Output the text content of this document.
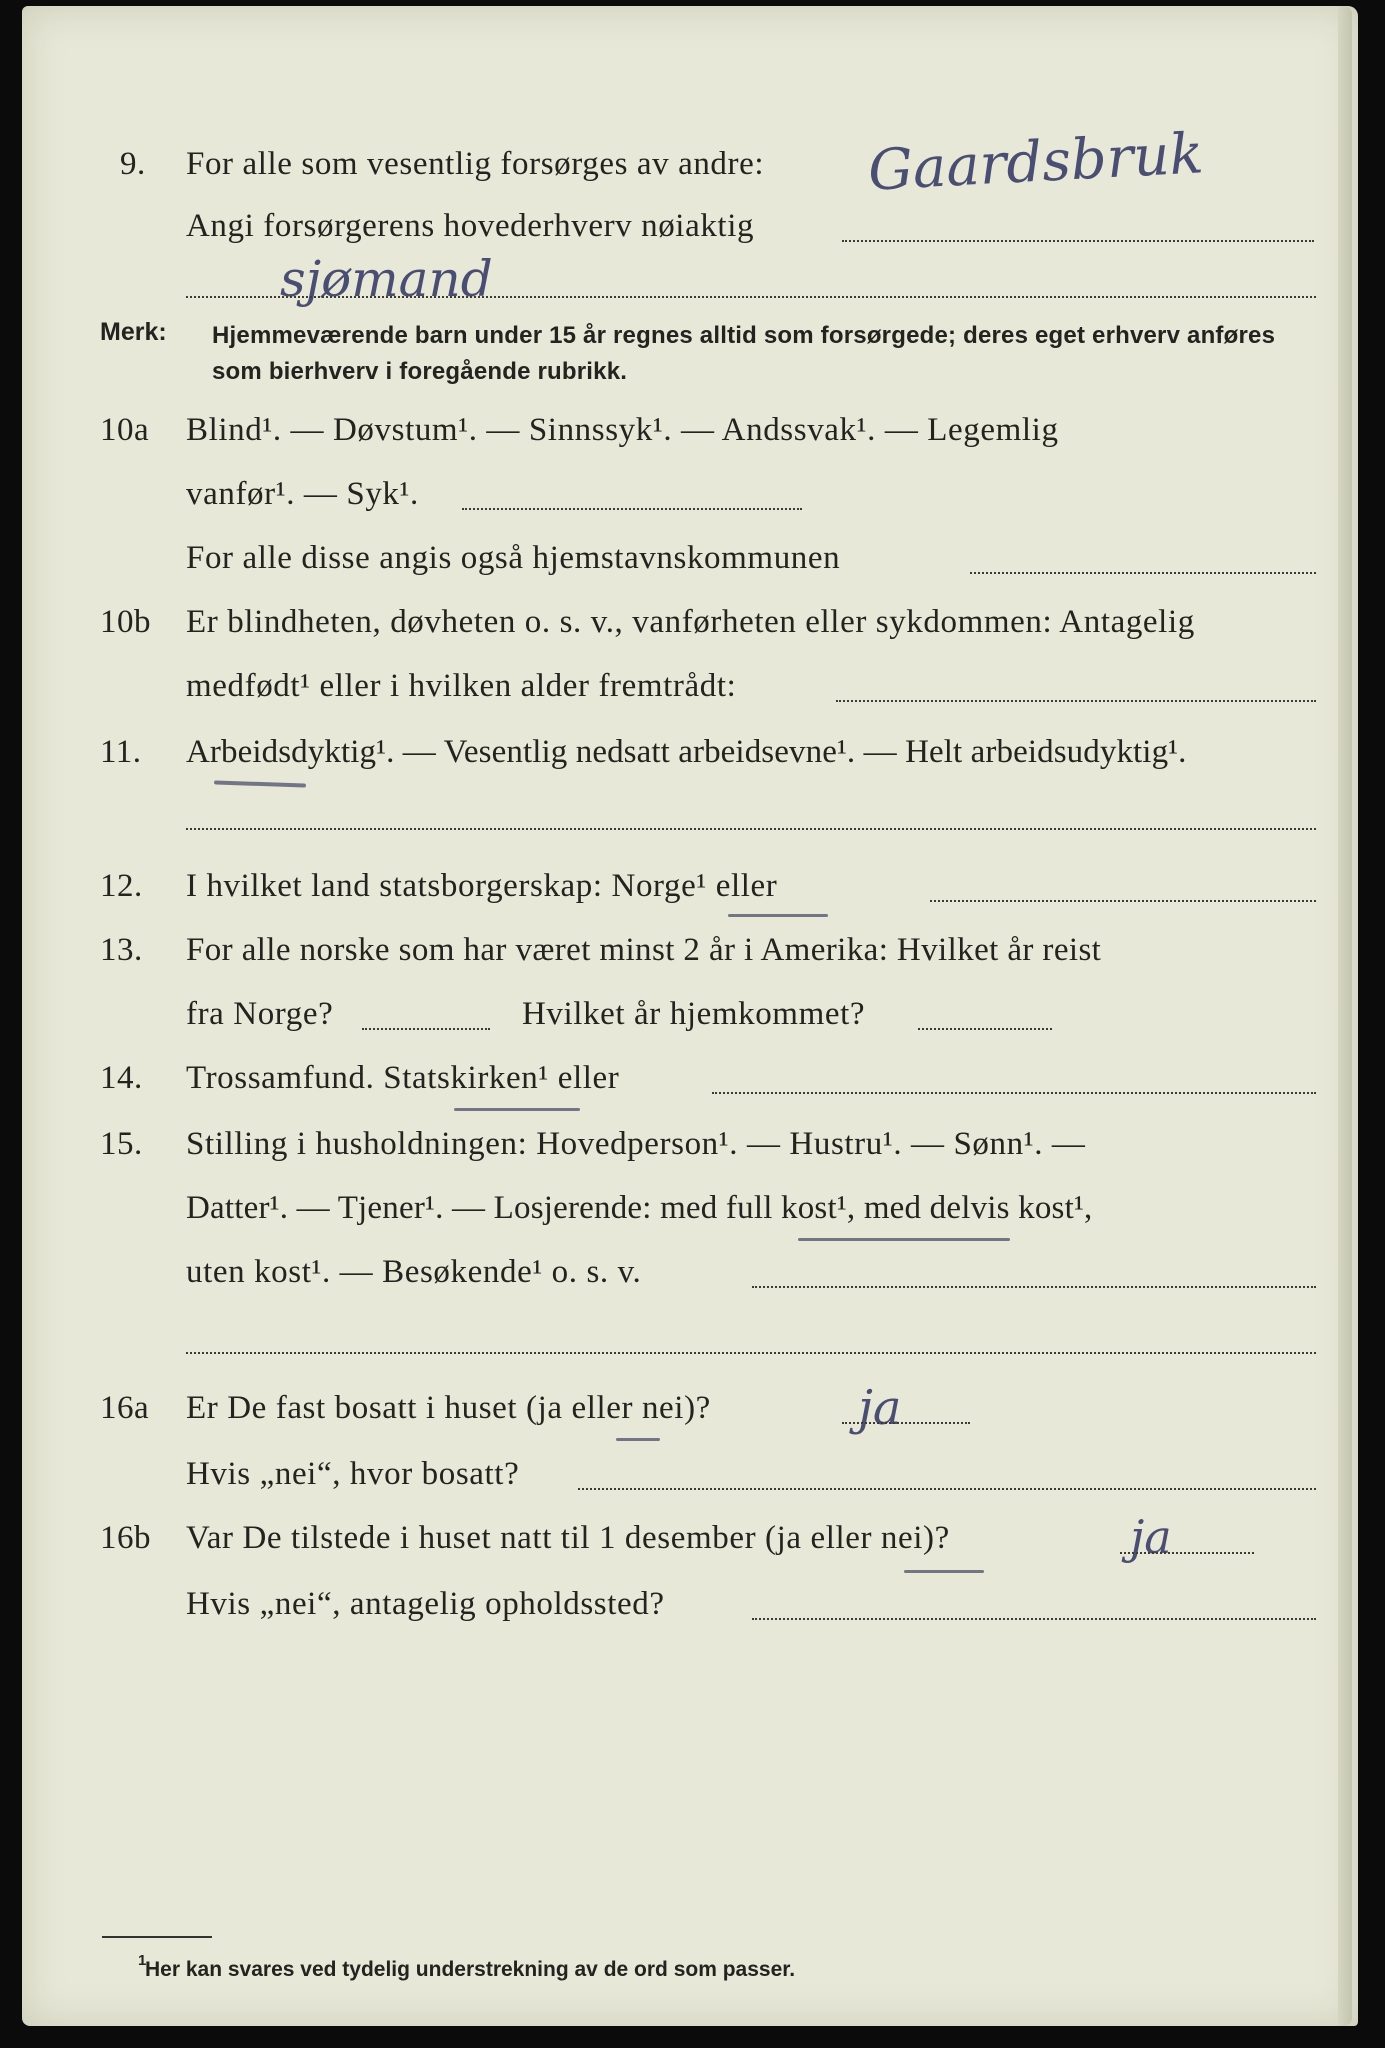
9. For alle som vesentlig forsørges av andre: Gaardsbruk
Angi forsørgerens hovederhverv nøiaktig
sjømand
Merk: Hjemmeværende barn under 15 år regnes alltid som forsørgede; deres eget erhverv anføres som bierhverv i foregående rubrikk.
10a Blind¹. — Døvstum¹. — Sinnssyk¹. — Andssvak¹. — Legemlig
vanfør¹. — Syk¹.
For alle disse angis også hjemstavnskommunen
10b Er blindheten, døvheten o. s. v., vanførheten eller sykdommen: Antagelig
medfødt¹ eller i hvilken alder fremtrådt:
11. Arbeidsdyktig¹. — Vesentlig nedsatt arbeidsevne¹. — Helt arbeidsudyktig¹.
12. I hvilket land statsborgerskap: Norge¹ eller
13. For alle norske som har været minst 2 år i Amerika: Hvilket år reist
fra Norge?	Hvilket år hjemkommet?
14. Trossamfund. Statskirken¹ eller
15. Stilling i husholdningen: Hovedperson¹. — Hustru¹. — Sønn¹. —
Datter¹. — Tjener¹. — Losjerende: med full kost¹, med delvis kost¹,
uten kost¹. — Besøkende¹ o. s. v.
16a Er De fast bosatt i huset (ja eller nei)?	ja
Hvis „nei“, hvor bosatt?
16b Var De tilstede i huset natt til 1 desember (ja eller nei)?	ja
Hvis „nei“, antagelig opholdssted?
1
Her kan svares ved tydelig understrekning av de ord som passer.
